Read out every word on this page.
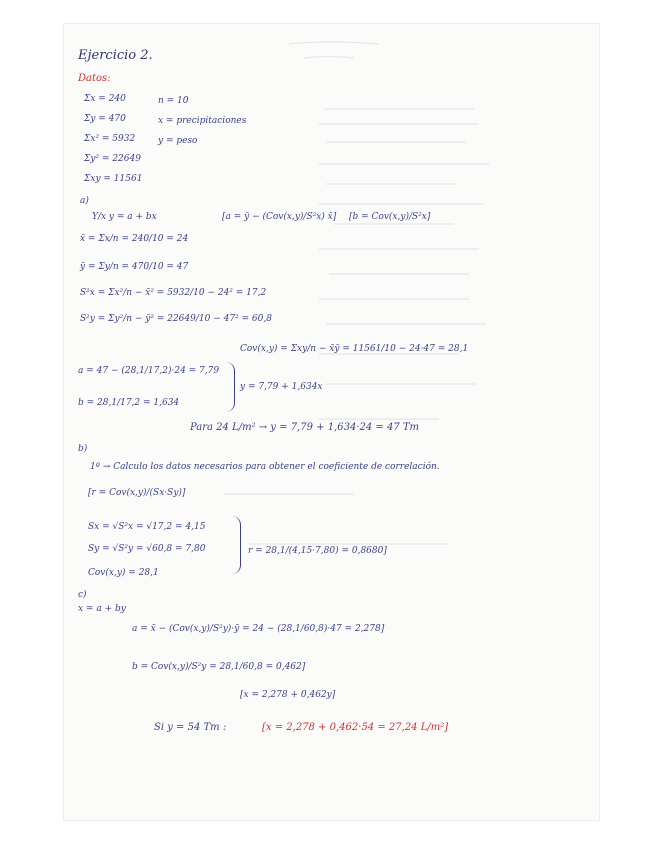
Ejercicio 2.
Datos:
Σx = 240	n = 10
Σy = 470	x = precipitaciones
Σx² = 5932	y = peso
Σy² = 22649
Σxy = 11561
a)
Y/x y = a + bx	[a = ȳ − (Cov(x,y)/S²x) x̄] [b = Cov(x,y)/S²x]
x̄ = Σx/n = 240/10 = 24
ȳ = Σy/n = 470/10 = 47
S²x = Σx²/n − x̄² = 5932/10 − 24² = 17,2
S²y = Σy²/n − ȳ² = 22649/10 − 47² = 60,8
Cov(x,y) = Σxy/n − x̄ȳ = 11561/10 − 24·47 = 28,1
a = 47 − (28,1/17,2)·24 = 7,79
b = 28,1/17,2 = 1,634
y = 7,79 + 1,634x
Para 24 L/m² → y = 7,79 + 1,634·24 = 47 Tm
b)
1º → Calculo los datos necesarios para obtener el coeficiente de correlación.
[r = Cov(x,y)/(Sx·Sy)]
Sx = √S²x = √17,2 = 4,15
Sy = √S²y = √60,8 = 7,80
Cov(x,y) = 28,1
r = 28,1/(4,15·7,80) = 0,8680]
c)
x = a + by
a = x̄ − (Cov(x,y)/S²y)·ȳ = 24 − (28,1/60,8)·47 = 2,278]
b = Cov(x,y)/S²y = 28,1/60,8 = 0,462]
[x = 2,278 + 0,462y]
Si y = 54 Tm :	[x = 2,278 + 0,462·54 = 27,24 L/m²]
